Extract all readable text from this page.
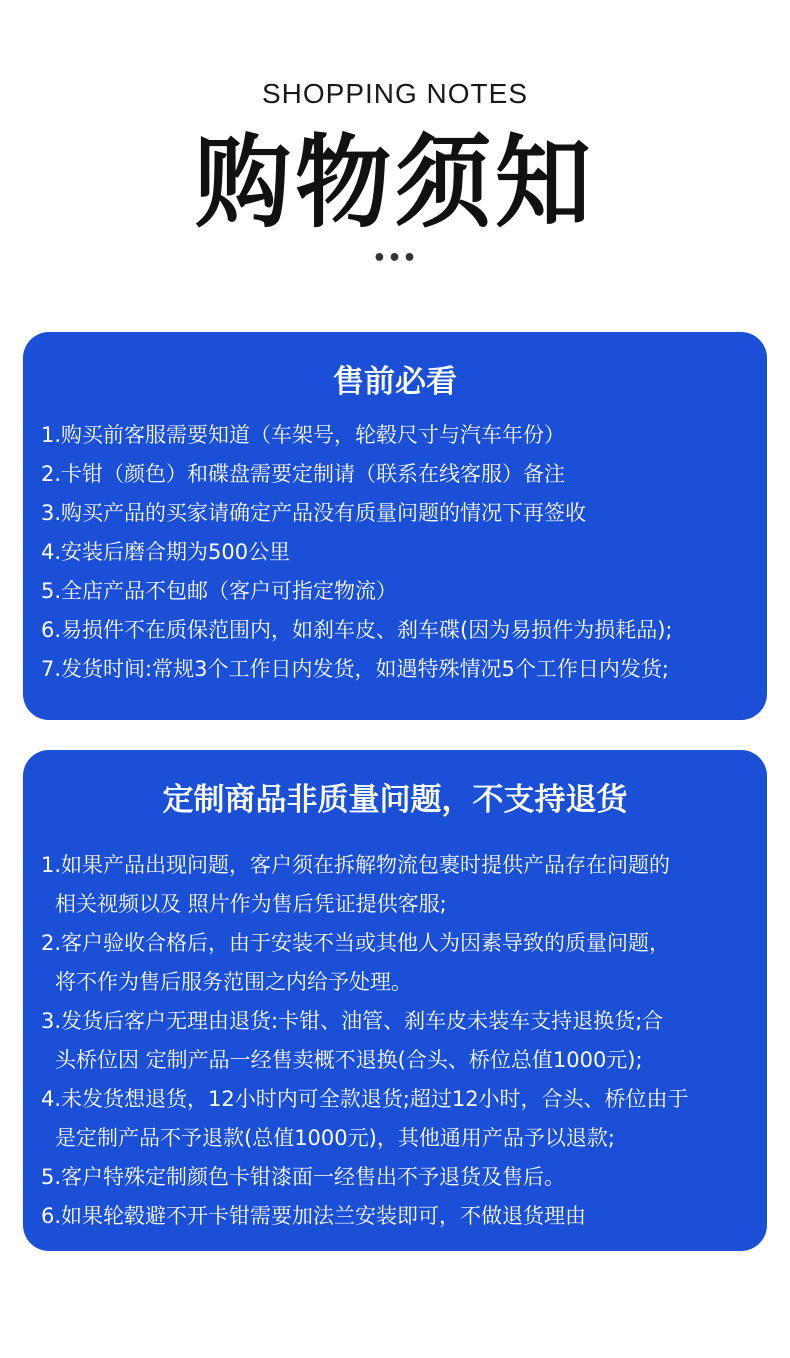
SHOPPING NOTES
购物须知
•••
售前必看
1.购买前客服需要知道（车架号，轮毂尺寸与汽车年份）
2.卡钳（颜色）和碟盘需要定制请（联系在线客服）备注
3.购买产品的买家请确定产品没有质量问题的情况下再签收
4.安装后磨合期为500公里
5.全店产品不包邮（客户可指定物流）
6.易损件不在质保范围内，如刹车皮、刹车碟(因为易损件为损耗品);
7.发货时间:常规3个工作日内发货，如遇特殊情况5个工作日内发货;
定制商品非质量问题，不支持退货
1.如果产品出现问题，客户须在拆解物流包裹时提供产品存在问题的
相关视频以及 照片作为售后凭证提供客服;
2.客户验收合格后，由于安装不当或其他人为因素导致的质量问题，
将不作为售后服务范围之内给予处理。
3.发货后客户无理由退货:卡钳、油管、刹车皮未装车支持退换货;合
头桥位因 定制产品一经售卖概不退换(合头、桥位总值1000元);
4.未发货想退货，12小时内可全款退货;超过12小时，合头、桥位由于
是定制产品不予退款(总值1000元)，其他通用产品予以退款;
5.客户特殊定制颜色卡钳漆面一经售出不予退货及售后。
6.如果轮毂避不开卡钳需要加法兰安装即可，不做退货理由
